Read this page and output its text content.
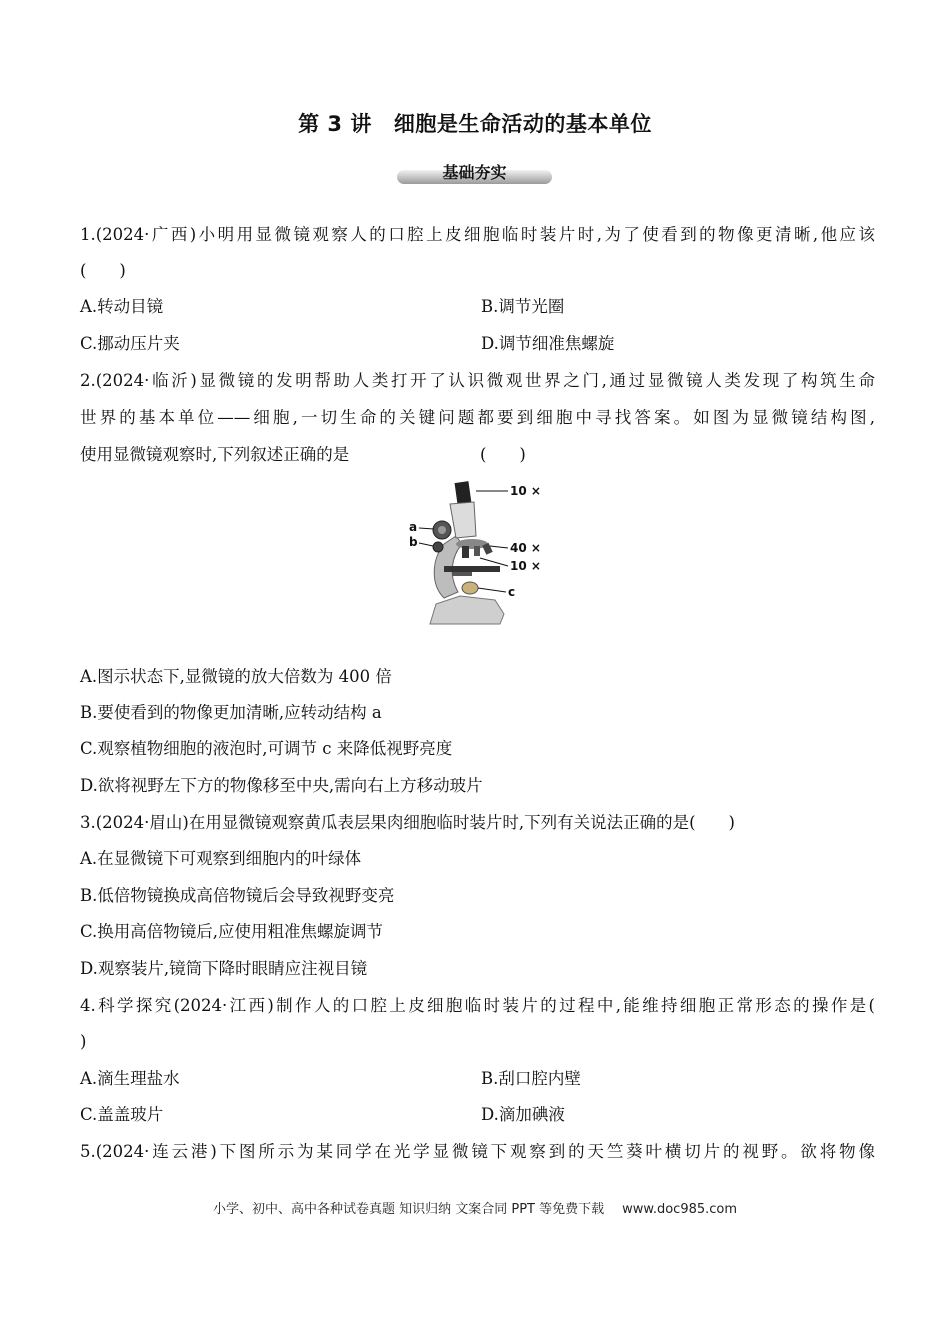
第 3 讲 细胞是生命活动的基本单位
基础夯实
1.(2024·广西)小明用显微镜观察人的口腔上皮细胞临时装片时,为了使看到的物像更清晰,他应该
(　　)
A.转动目镜	B.调节光圈
C.挪动压片夹	D.调节细准焦螺旋
2.(2024·临沂)显微镜的发明帮助人类打开了认识微观世界之门,通过显微镜人类发现了构筑生命
世界的基本单位——细胞,一切生命的关键问题都要到细胞中寻找答案。如图为显微镜结构图,
使用显微镜观察时,下列叙述正确的是	(　　)
10 ×
a
b	40 ×
10 ×
c
A.图示状态下,显微镜的放大倍数为 400 倍
B.要使看到的物像更加清晰,应转动结构 a
C.观察植物细胞的液泡时,可调节 c 来降低视野亮度
D.欲将视野左下方的物像移至中央,需向右上方移动玻片
3.(2024·眉山)在用显微镜观察黄瓜表层果肉细胞临时装片时,下列有关说法正确的是(　　)
A.在显微镜下可观察到细胞内的叶绿体
B.低倍物镜换成高倍物镜后会导致视野变亮
C.换用高倍物镜后,应使用粗准焦螺旋调节
D.观察装片,镜筒下降时眼睛应注视目镜
4.科学探究(2024·江西)制作人的口腔上皮细胞临时装片的过程中,能维持细胞正常形态的操作是(
)
A.滴生理盐水	B.刮口腔内壁
C.盖盖玻片	D.滴加碘液
5.(2024·连云港)下图所示为某同学在光学显微镜下观察到的天竺葵叶横切片的视野。欲将物像
小学、初中、高中各种试卷真题 知识归纳 文案合同 PPT 等免费下载 www.doc985.com
